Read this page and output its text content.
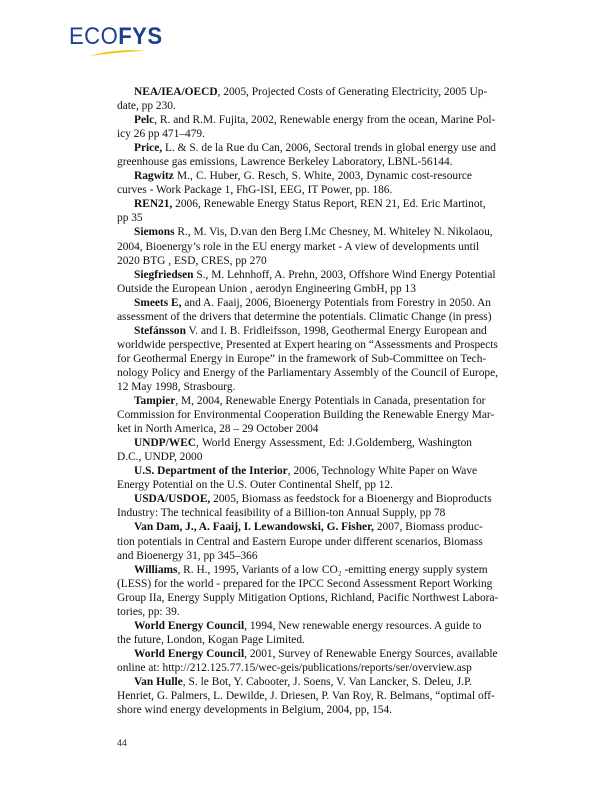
ECOFYS
NEA/IEA/OECD, 2005, Projected Costs of Generating Electricity, 2005 Up-
date, pp 230.
Pelc, R. and R.M. Fujita, 2002, Renewable energy from the ocean, Marine Pol-
icy 26 pp 471–479.
Price, L. & S. de la Rue du Can, 2006, Sectoral trends in global energy use and
greenhouse gas emissions, Lawrence Berkeley Laboratory, LBNL-56144.
Ragwitz M., C. Huber, G. Resch, S. White, 2003, Dynamic cost-resource
curves - Work Package 1, FhG-ISI, EEG, IT Power, pp. 186.
REN21, 2006, Renewable Energy Status Report, REN 21, Ed. Eric Martinot,
pp 35
Siemons R., M. Vis, D.van den Berg I.Mc Chesney, M. Whiteley N. Nikolaou,
2004, Bioenergy’s role in the EU energy market - A view of developments until
2020 BTG , ESD, CRES, pp 270
Siegfriedsen S., M. Lehnhoff, A. Prehn, 2003, Offshore Wind Energy Potential
Outside the European Union , aerodyn Engineering GmbH, pp 13
Smeets E, and A. Faaij, 2006, Bioenergy Potentials from Forestry in 2050. An
assessment of the drivers that determine the potentials. Climatic Change (in press)
Stefánsson V. and I. B. Fridleifsson, 1998, Geothermal Energy European and
worldwide perspective, Presented at Expert hearing on “Assessments and Prospects
for Geothermal Energy in Europe” in the framework of Sub-Committee on Tech-
nology Policy and Energy of the Parliamentary Assembly of the Council of Europe,
12 May 1998, Strasbourg.
Tampier, M, 2004, Renewable Energy Potentials in Canada, presentation for
Commission for Environmental Cooperation Building the Renewable Energy Mar-
ket in North America, 28 – 29 October 2004
UNDP/WEC, World Energy Assessment, Ed: J.Goldemberg, Washington
D.C., UNDP, 2000
U.S. Department of the Interior, 2006, Technology White Paper on Wave
Energy Potential on the U.S. Outer Continental Shelf, pp 12.
USDA/USDOE, 2005, Biomass as feedstock for a Bioenergy and Bioproducts
Industry: The technical feasibility of a Billion-ton Annual Supply, pp 78
Van Dam, J., A. Faaij, I. Lewandowski, G. Fisher, 2007, Biomass produc-
tion potentials in Central and Eastern Europe under different scenarios, Biomass
and Bioenergy 31, pp 345–366
Williams, R. H., 1995, Variants of a low CO₂ -emitting energy supply system
(LESS) for the world - prepared for the IPCC Second Assessment Report Working
Group IIa, Energy Supply Mitigation Options, Richland, Pacific Northwest Labora-
tories, pp: 39.
World Energy Council, 1994, New renewable energy resources. A guide to
the future, London, Kogan Page Limited.
World Energy Council, 2001, Survey of Renewable Energy Sources, available
online at: http://212.125.77.15/wec-geis/publications/reports/ser/overview.asp
Van Hulle, S. le Bot, Y. Cabooter, J. Soens, V. Van Lancker, S. Deleu, J.P.
Henriet, G. Palmers, L. Dewilde, J. Driesen, P. Van Roy, R. Belmans, “optimal off-
shore wind energy developments in Belgium, 2004, pp, 154.
44
